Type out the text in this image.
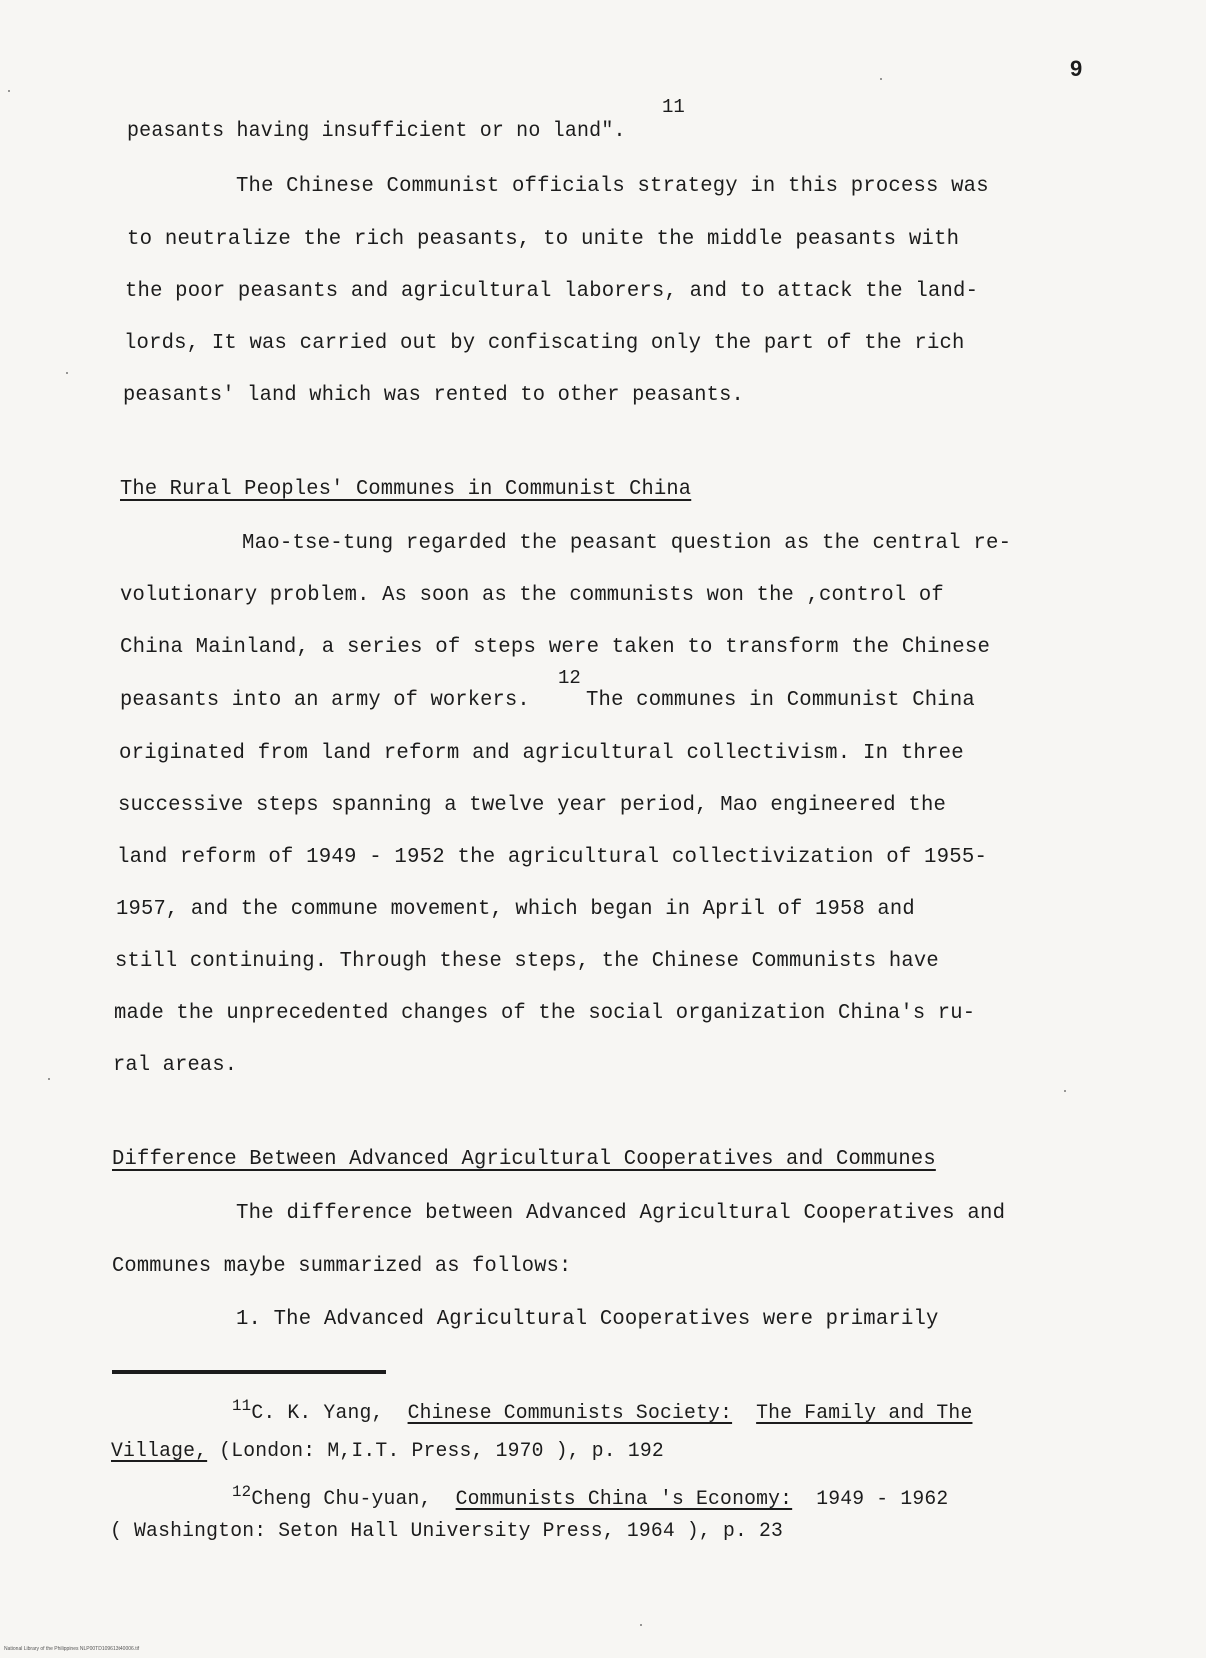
9
11
peasants having insufficient or no land".
The Chinese Communist officials strategy in this process was
to neutralize the rich peasants, to unite the middle peasants with
the poor peasants and agricultural laborers, and to attack the land-
lords, It was carried out by confiscating only the part of the rich
peasants' land which was rented to other peasants.
The Rural Peoples' Communes in Communist China
Mao-tse-tung regarded the peasant question as the central re-
volutionary problem. As soon as the communists won the ,control of
China Mainland, a series of steps were taken to transform the Chinese
peasants into an army of workers.
12
The communes in Communist China
originated from land reform and agricultural collectivism. In three
successive steps spanning a twelve year period, Mao engineered the
land reform of 1949 - 1952 the agricultural collectivization of 1955-
1957, and the commune movement, which began in April of 1958 and
still continuing. Through these steps, the Chinese Communists have
made the unprecedented changes of the social organization China's ru-
ral areas.
Difference Between Advanced Agricultural Cooperatives and Communes
The difference between Advanced Agricultural Cooperatives and
Communes maybe summarized as follows:
1. The Advanced Agricultural Cooperatives were primarily
$^{11}$C. K. Yang, Chinese Communists Society: The Family and The
Village, (London: M,I.T. Press, 1970 ), p. 192
$^{12}$Cheng Chu-yuan, Communists China 's Economy: 1949 - 1962
( Washington: Seton Hall University Press, 1964 ), p. 23
National Library of the Philippines NLP00TD109613t40006.tif
